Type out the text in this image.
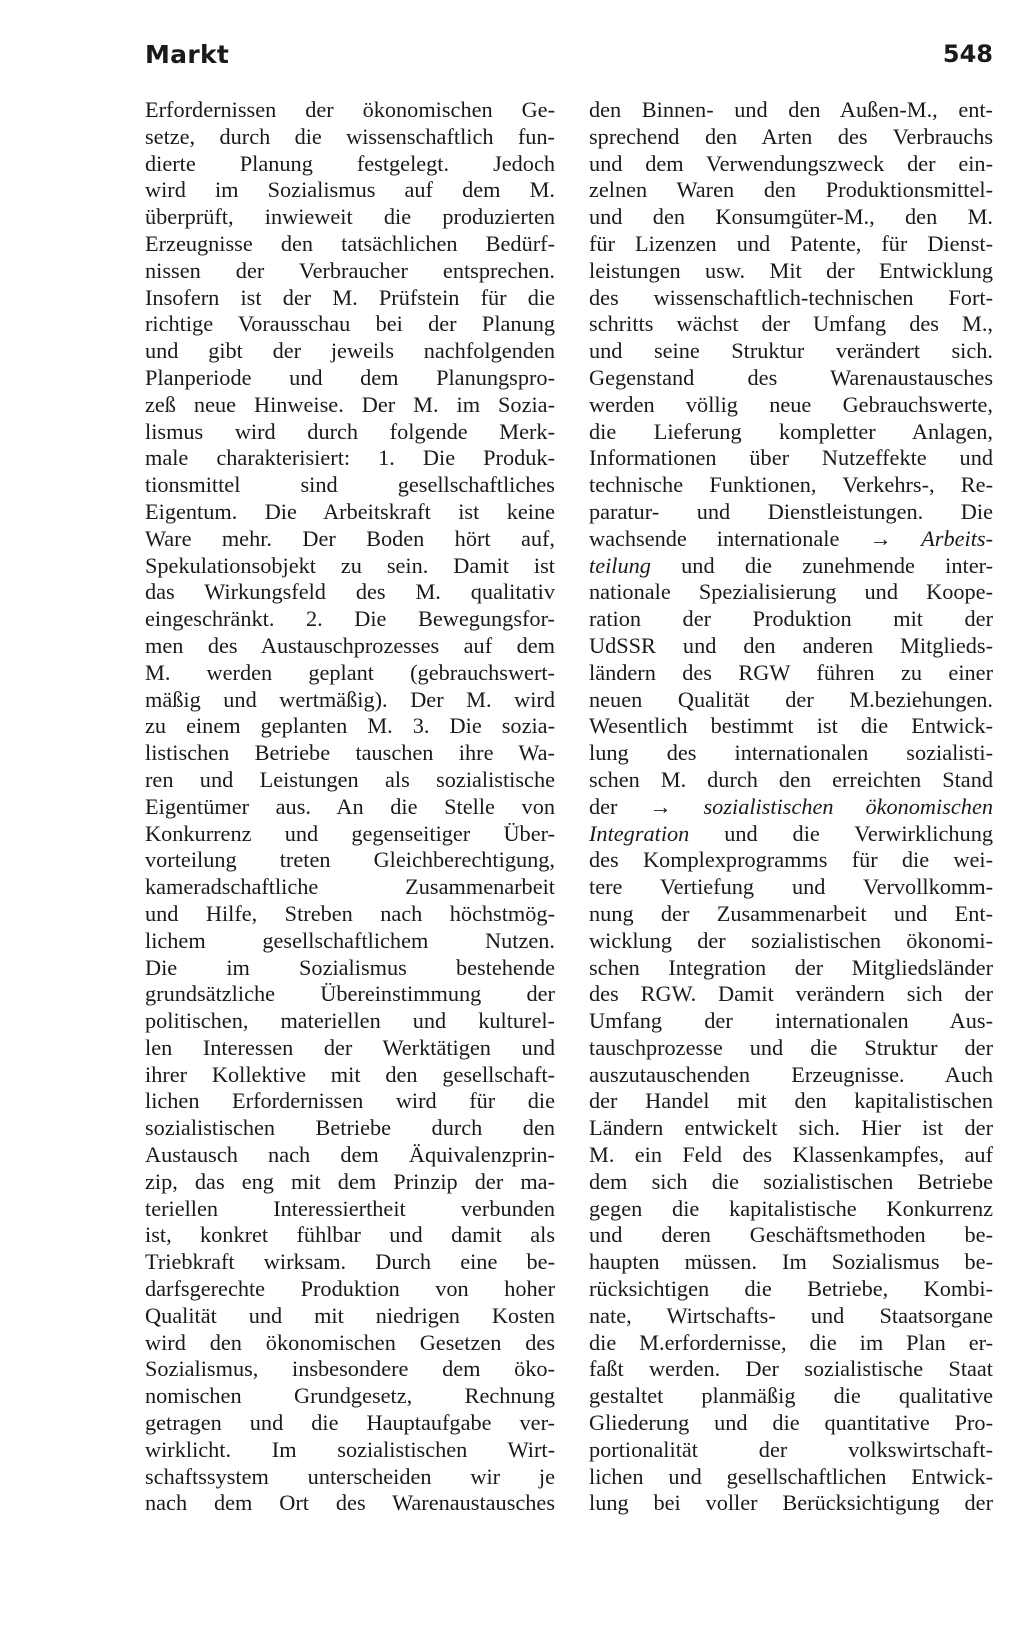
Markt	548
Erfordernissen der ökonomischen Ge-
setze, durch die wissenschaftlich fun-
dierte Planung festgelegt. Jedoch
wird im Sozialismus auf dem M.
überprüft, inwieweit die produzierten
Erzeugnisse den tatsächlichen Bedürf-
nissen der Verbraucher entsprechen.
Insofern ist der M. Prüfstein für die
richtige Vorausschau bei der Planung
und gibt der jeweils nachfolgenden
Planperiode und dem Planungspro-
zeß neue Hinweise. Der M. im Sozia-
lismus wird durch folgende Merk-
male charakterisiert: 1. Die Produk-
tionsmittel sind gesellschaftliches
Eigentum. Die Arbeitskraft ist keine
Ware mehr. Der Boden hört auf,
Spekulationsobjekt zu sein. Damit ist
das Wirkungsfeld des M. qualitativ
eingeschränkt. 2. Die Bewegungsfor-
men des Austauschprozesses auf dem
M. werden geplant (gebrauchswert-
mäßig und wertmäßig). Der M. wird
zu einem geplanten M. 3. Die sozia-
listischen Betriebe tauschen ihre Wa-
ren und Leistungen als sozialistische
Eigentümer aus. An die Stelle von
Konkurrenz und gegenseitiger Über-
vorteilung treten Gleichberechtigung,
kameradschaftliche Zusammenarbeit
und Hilfe, Streben nach höchstmög-
lichem gesellschaftlichem Nutzen.
Die im Sozialismus bestehende
grundsätzliche Übereinstimmung der
politischen, materiellen und kulturel-
len Interessen der Werktätigen und
ihrer Kollektive mit den gesellschaft-
lichen Erfordernissen wird für die
sozialistischen Betriebe durch den
Austausch nach dem Äquivalenzprin-
zip, das eng mit dem Prinzip der ma-
teriellen Interessiertheit verbunden
ist, konkret fühlbar und damit als
Triebkraft wirksam. Durch eine be-
darfsgerechte Produktion von hoher
Qualität und mit niedrigen Kosten
wird den ökonomischen Gesetzen des
Sozialismus, insbesondere dem öko-
nomischen Grundgesetz, Rechnung
getragen und die Hauptaufgabe ver-
wirklicht. Im sozialistischen Wirt-
schaftssystem unterscheiden wir je
nach dem Ort des Warenaustausches
den Binnen- und den Außen-M., ent-
sprechend den Arten des Verbrauchs
und dem Verwendungszweck der ein-
zelnen Waren den Produktionsmittel-
und den Konsumgüter-M., den M.
für Lizenzen und Patente, für Dienst-
leistungen usw. Mit der Entwicklung
des wissenschaftlich-technischen Fort-
schritts wächst der Umfang des M.,
und seine Struktur verändert sich.
Gegenstand des Warenaustausches
werden völlig neue Gebrauchswerte,
die Lieferung kompletter Anlagen,
Informationen über Nutzeffekte und
technische Funktionen, Verkehrs-, Re-
paratur- und Dienstleistungen. Die
wachsende internationale → Arbeits-
teilung und die zunehmende inter-
nationale Spezialisierung und Koope-
ration der Produktion mit der
UdSSR und den anderen Mitglieds-
ländern des RGW führen zu einer
neuen Qualität der M.beziehungen.
Wesentlich bestimmt ist die Entwick-
lung des internationalen sozialisti-
schen M. durch den erreichten Stand
der → sozialistischen ökonomischen
Integration und die Verwirklichung
des Komplexprogramms für die wei-
tere Vertiefung und Vervollkomm-
nung der Zusammenarbeit und Ent-
wicklung der sozialistischen ökonomi-
schen Integration der Mitgliedsländer
des RGW. Damit verändern sich der
Umfang der internationalen Aus-
tauschprozesse und die Struktur der
auszutauschenden Erzeugnisse. Auch
der Handel mit den kapitalistischen
Ländern entwickelt sich. Hier ist der
M. ein Feld des Klassenkampfes, auf
dem sich die sozialistischen Betriebe
gegen die kapitalistische Konkurrenz
und deren Geschäftsmethoden be-
haupten müssen. Im Sozialismus be-
rücksichtigen die Betriebe, Kombi-
nate, Wirtschafts- und Staatsorgane
die M.erfordernisse, die im Plan er-
faßt werden. Der sozialistische Staat
gestaltet planmäßig die qualitative
Gliederung und die quantitative Pro-
portionalität der volkswirtschaft-
lichen und gesellschaftlichen Entwick-
lung bei voller Berücksichtigung der
